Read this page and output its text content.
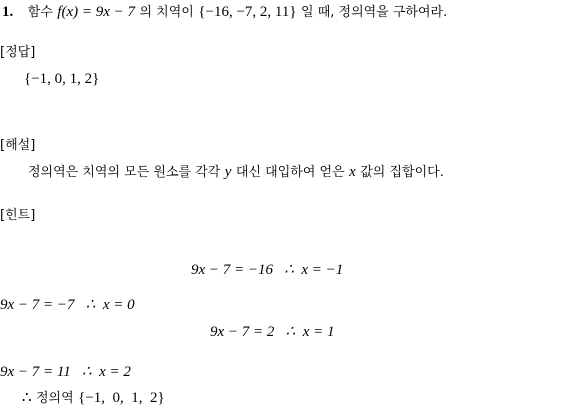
1. 함수 f(x) = 9x − 7 의 치역이 {−16, −7, 2, 11} 일 때, 정의역을 구하여라.
[정답]
{−1, 0, 1, 2}
[해설]
정의역은 치역의 모든 원소를 각각 y 대신 대입하여 얻은 x 값의 집합이다.
[힌트]
9x − 7 = −16   ∴  x = −1
9x − 7 = −7   ∴  x = 0
9x − 7 = 2   ∴  x = 1
9x − 7 = 11   ∴  x = 2
∴ 정의역 {−1,  0,  1,  2}
